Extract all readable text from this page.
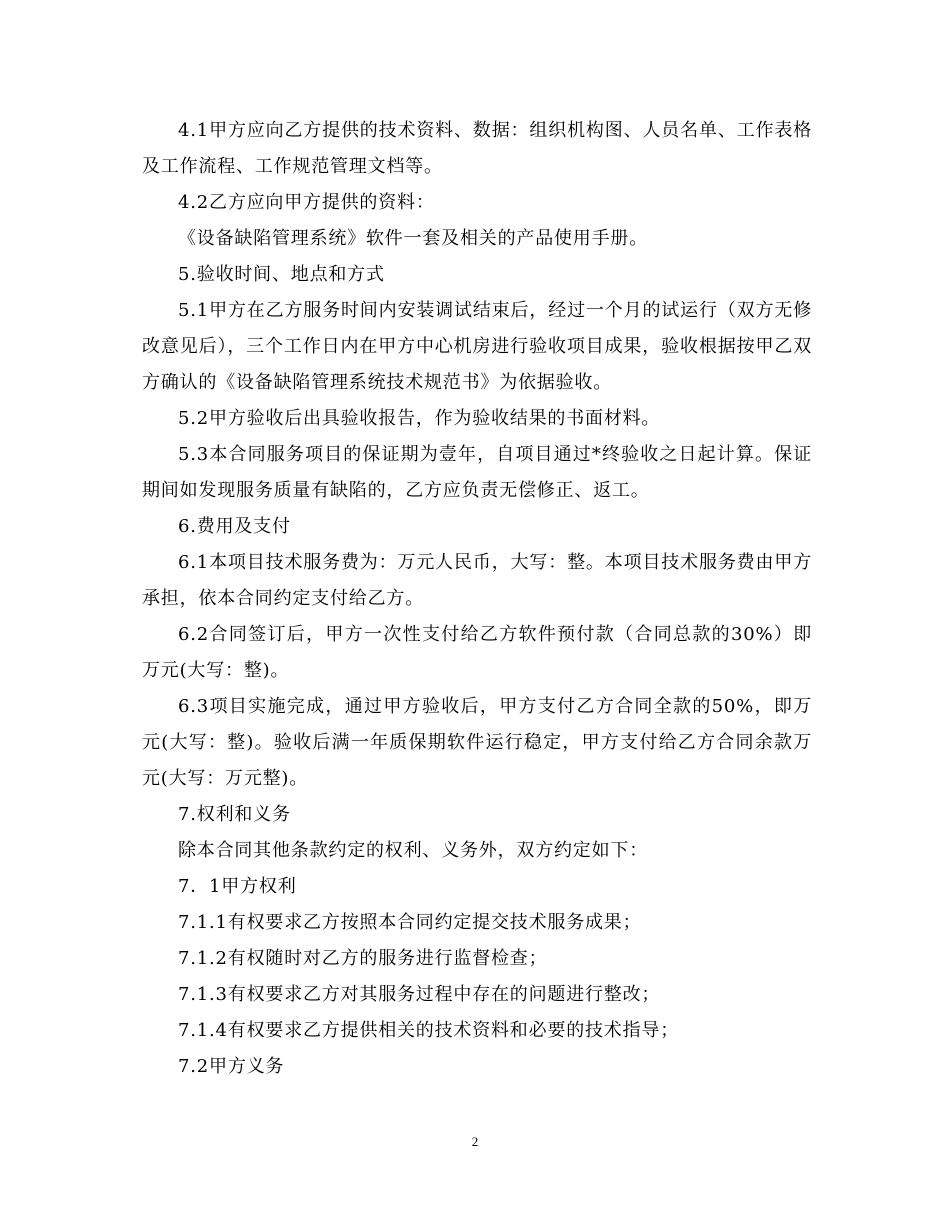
4.1甲方应向乙方提供的技术资料、数据：组织机构图、人员名单、工作表格及工作流程、工作规范管理文档等。

4.2乙方应向甲方提供的资料：

《设备缺陷管理系统》软件一套及相关的产品使用手册。

5.验收时间、地点和方式

5.1甲方在乙方服务时间内安装调试结束后，经过一个月的试运行（双方无修改意见后），三个工作日内在甲方中心机房进行验收项目成果，验收根据按甲乙双方确认的《设备缺陷管理系统技术规范书》为依据验收。

5.2甲方验收后出具验收报告，作为验收结果的书面材料。

5.3本合同服务项目的保证期为壹年，自项目通过*终验收之日起计算。保证期间如发现服务质量有缺陷的，乙方应负责无偿修正、返工。

6.费用及支付

6.1本项目技术服务费为：万元人民币，大写：整。本项目技术服务费由甲方承担，依本合同约定支付给乙方。

6.2合同签订后，甲方一次性支付给乙方软件预付款（合同总款的30%）即万元(大写：整)。

6.3项目实施完成，通过甲方验收后，甲方支付乙方合同全款的50%，即万元(大写：整)。验收后满一年质保期软件运行稳定，甲方支付给乙方合同余款万元(大写：万元整)。

7.权利和义务

除本合同其他条款约定的权利、义务外，双方约定如下：

7．1甲方权利

7.1.1有权要求乙方按照本合同约定提交技术服务成果；

7.1.2有权随时对乙方的服务进行监督检查；

7.1.3有权要求乙方对其服务过程中存在的问题进行整改；

7.1.4有权要求乙方提供相关的技术资料和必要的技术指导；

7.2甲方义务

2
